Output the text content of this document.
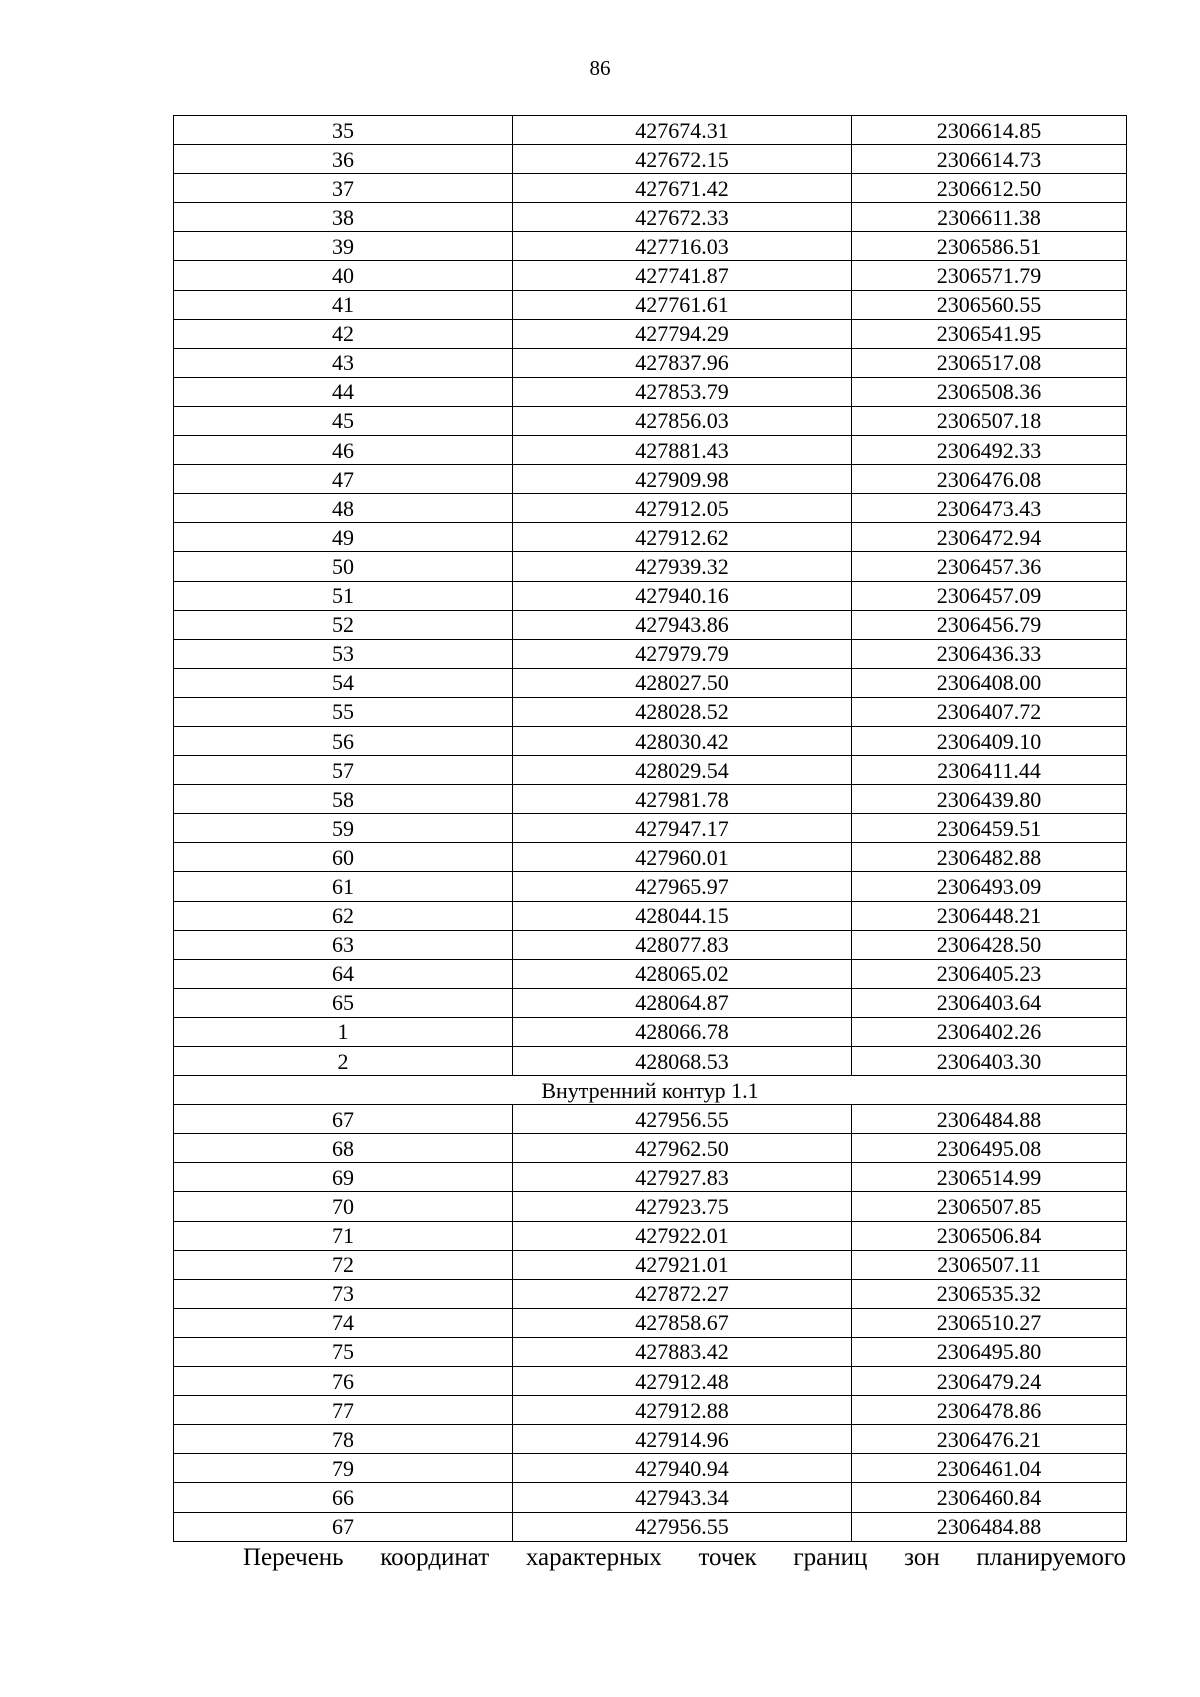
86
35	427674.31	2306614.85
36	427672.15	2306614.73
37	427671.42	2306612.50
38	427672.33	2306611.38
39	427716.03	2306586.51
40	427741.87	2306571.79
41	427761.61	2306560.55
42	427794.29	2306541.95
43	427837.96	2306517.08
44	427853.79	2306508.36
45	427856.03	2306507.18
46	427881.43	2306492.33
47	427909.98	2306476.08
48	427912.05	2306473.43
49	427912.62	2306472.94
50	427939.32	2306457.36
51	427940.16	2306457.09
52	427943.86	2306456.79
53	427979.79	2306436.33
54	428027.50	2306408.00
55	428028.52	2306407.72
56	428030.42	2306409.10
57	428029.54	2306411.44
58	427981.78	2306439.80
59	427947.17	2306459.51
60	427960.01	2306482.88
61	427965.97	2306493.09
62	428044.15	2306448.21
63	428077.83	2306428.50
64	428065.02	2306405.23
65	428064.87	2306403.64
1	428066.78	2306402.26
2	428068.53	2306403.30
Внутренний контур 1.1		
67	427956.55	2306484.88
68	427962.50	2306495.08
69	427927.83	2306514.99
70	427923.75	2306507.85
71	427922.01	2306506.84
72	427921.01	2306507.11
73	427872.27	2306535.32
74	427858.67	2306510.27
75	427883.42	2306495.80
76	427912.48	2306479.24
77	427912.88	2306478.86
78	427914.96	2306476.21
79	427940.94	2306461.04
66	427943.34	2306460.84
67	427956.55	2306484.88
Перечень координат характерных точек границ зон планируемого
